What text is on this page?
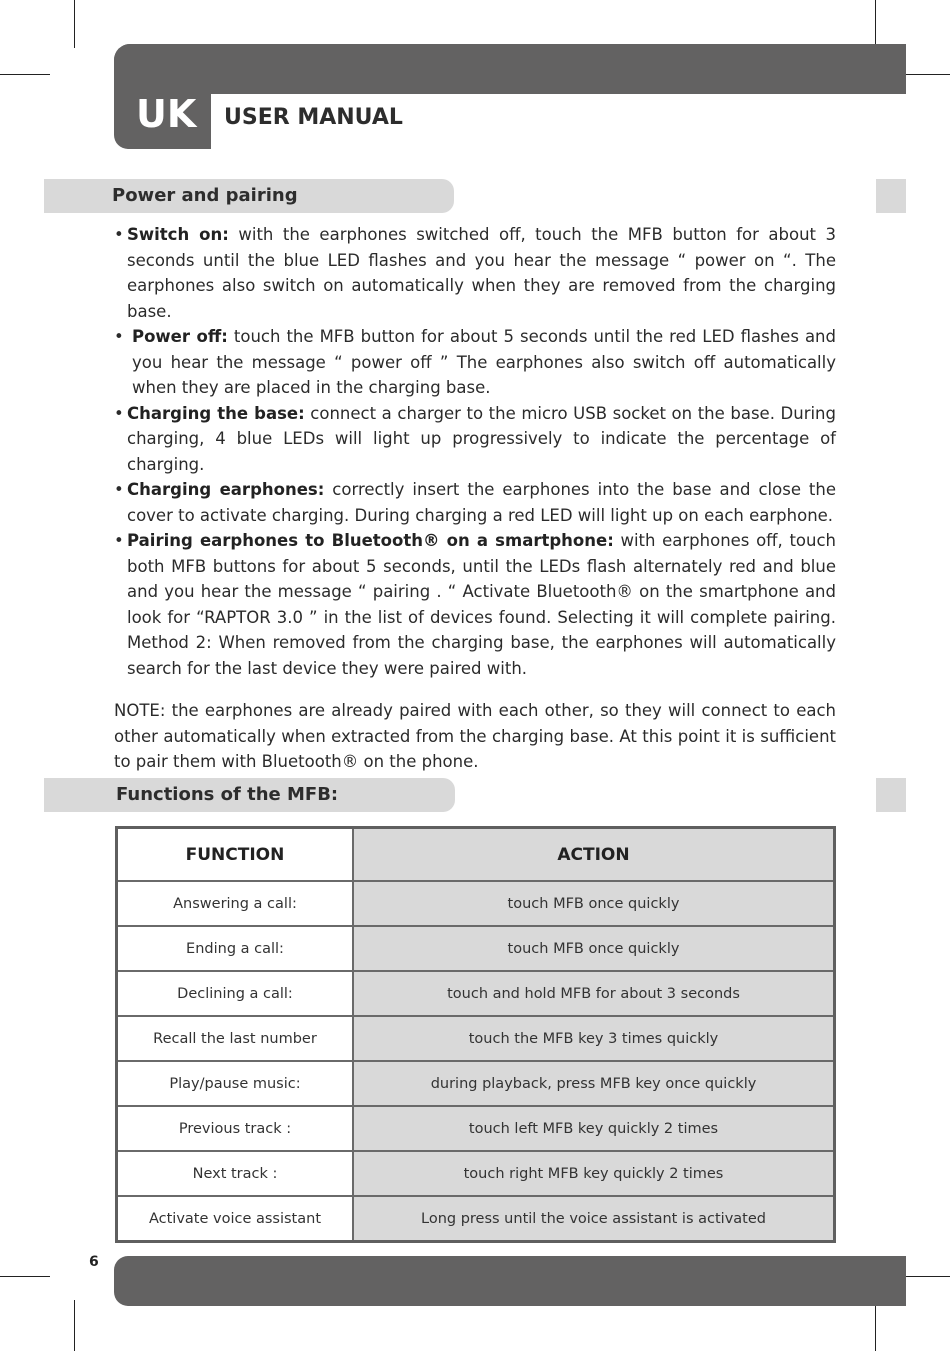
UK USER MANUAL
Power and pairing
• Switch on: with the earphones switched off, touch the MFB button for about 3 seconds until the blue LED flashes and you hear the message “ power on “. The earphones also switch on automatically when they are removed from the charging base.
• Power off: touch the MFB button for about 5 seconds until the red LED flashes and you hear the message “ power off ” The earphones also switch off automatically when they are placed in the charging base.
• Charging the base: connect a charger to the micro USB socket on the base. During charging, 4 blue LEDs will light up progressively to indicate the percentage of charging.
• Charging earphones: correctly insert the earphones into the base and close the cover to activate charging. During charging a red LED will light up on each earphone.
• Pairing earphones to Bluetooth® on a smartphone: with earphones off, touch both MFB buttons for about 5 seconds, until the LEDs flash alternately red and blue and you hear the message “ pairing . “ Activate Bluetooth® on the smartphone and look for “RAPTOR 3.0 ” in the list of devices found. Selecting it will complete pairing. Method 2: When removed from the charging base, the earphones will automatically search for the last device they were paired with.
NOTE: the earphones are already paired with each other, so they will connect to each other automatically when extracted from the charging base. At this point it is sufficient to pair them with Bluetooth® on the phone.
Functions of the MFB:
FUNCTION	ACTION
Answering a call:	touch MFB once quickly
Ending a call:	touch MFB once quickly
Declining a call:	touch and hold MFB for about 3 seconds
Recall the last number	touch the MFB key 3 times quickly
Play/pause music:	during playback, press MFB key once quickly
Previous track :	touch left MFB key quickly 2 times
Next track :	touch right MFB key quickly 2 times
Activate voice assistant	Long press until the voice assistant is activated
6
